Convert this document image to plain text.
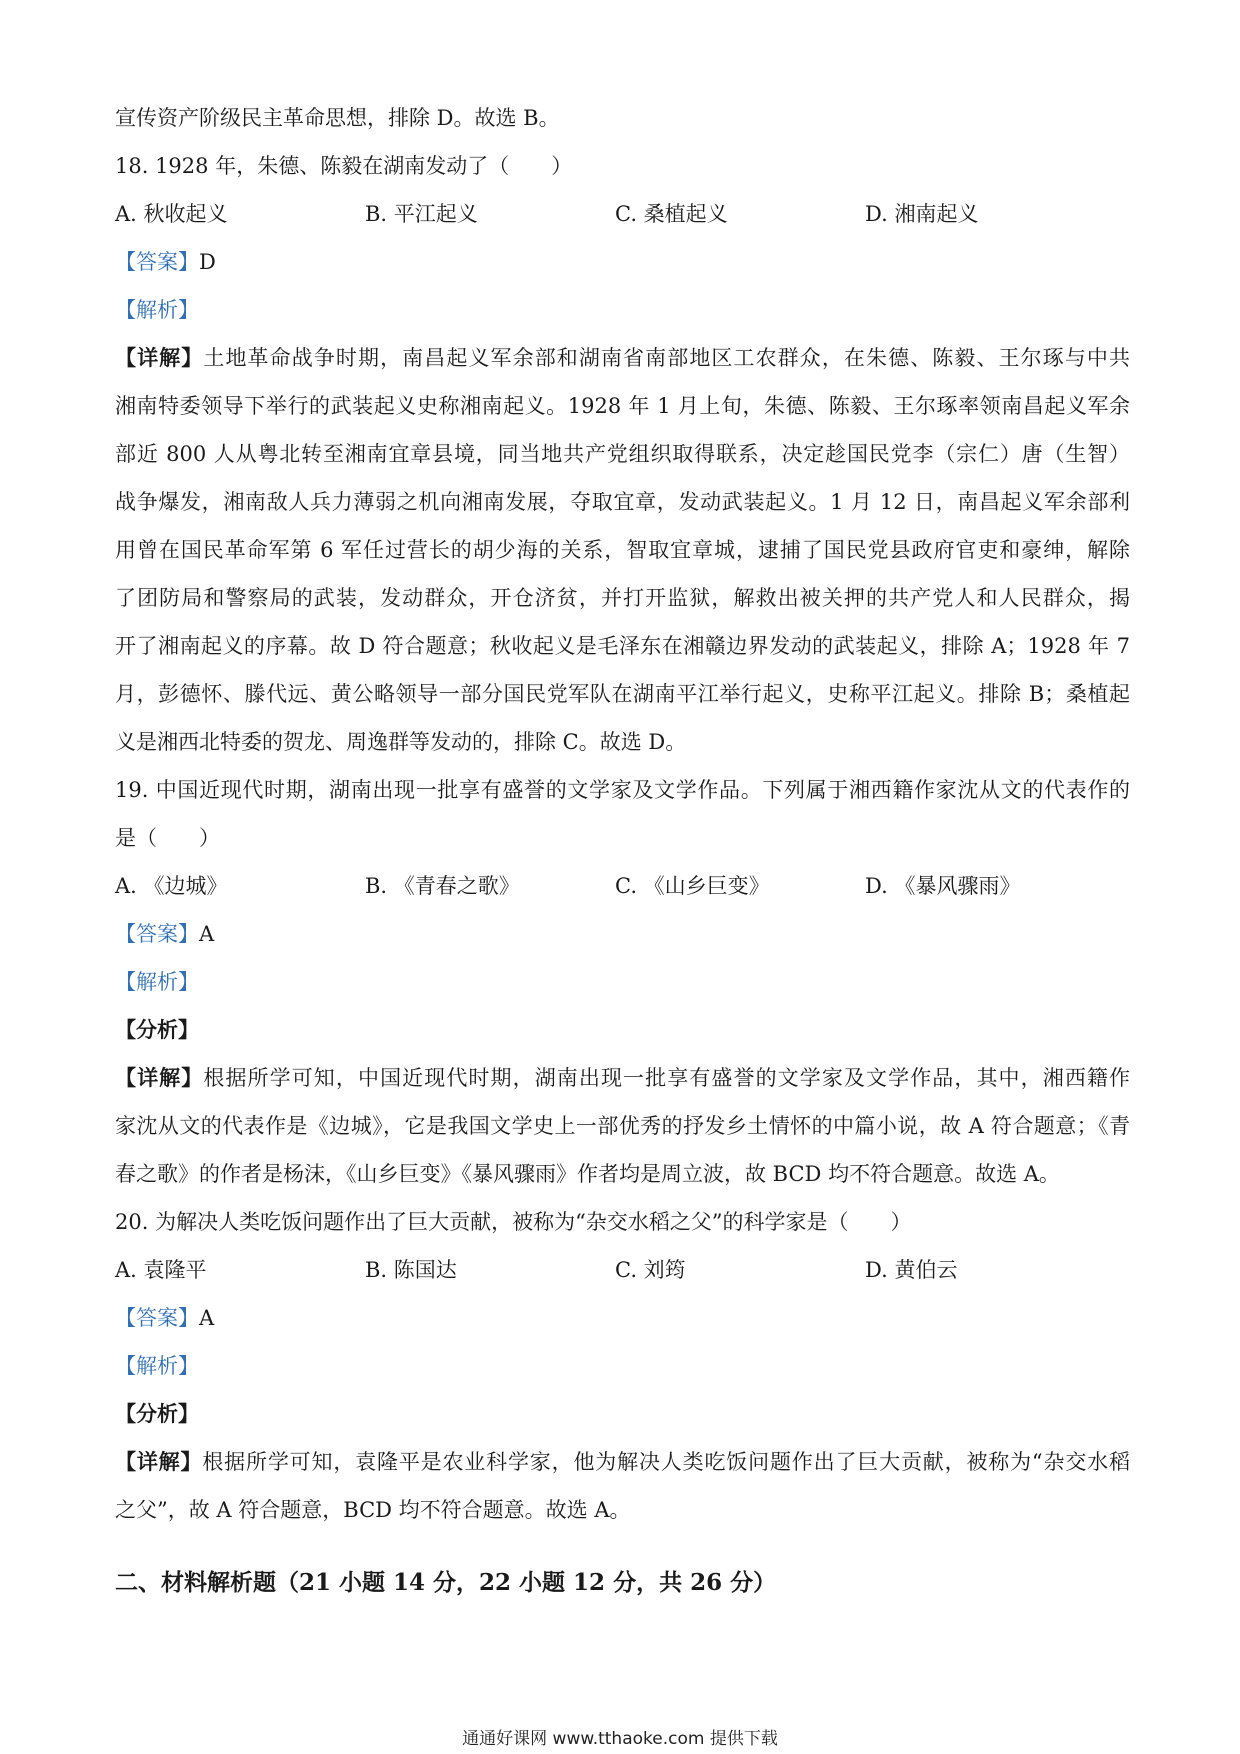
宣传资产阶级民主革命思想，排除 D。故选 B。
18. 1928 年，朱德、陈毅在湖南发动了（　　）
A. 秋收起义	B. 平江起义	C. 桑植起义	D. 湘南起义
【答案】D
【解析】
【详解】土地革命战争时期，南昌起义军余部和湖南省南部地区工农群众，在朱德、陈毅、王尔琢与中共
湘南特委领导下举行的武装起义史称湘南起义。1928 年 1 月上旬，朱德、陈毅、王尔琢率领南昌起义军余
部近 800 人从粤北转至湘南宜章县境，同当地共产党组织取得联系，决定趁国民党李（宗仁）唐（生智）
战争爆发，湘南敌人兵力薄弱之机向湘南发展，夺取宜章，发动武装起义。1 月 12 日，南昌起义军余部利
用曾在国民革命军第 6 军任过营长的胡少海的关系，智取宜章城，逮捕了国民党县政府官吏和豪绅，解除
了团防局和警察局的武装，发动群众，开仓济贫，并打开监狱，解救出被关押的共产党人和人民群众，揭
开了湘南起义的序幕。故 D 符合题意；秋收起义是毛泽东在湘赣边界发动的武装起义，排除 A；1928 年 7
月，彭德怀、滕代远、黄公略领导一部分国民党军队在湖南平江举行起义，史称平江起义。排除 B；桑植起
义是湘西北特委的贺龙、周逸群等发动的，排除 C。故选 D。
19. 中国近现代时期，湖南出现一批享有盛誉的文学家及文学作品。下列属于湘西籍作家沈从文的代表作的
是（　　）
A. 《边城》	B. 《青春之歌》	C. 《山乡巨变》	D. 《暴风骤雨》
【答案】A
【解析】
【分析】
【详解】根据所学可知，中国近现代时期，湖南出现一批享有盛誉的文学家及文学作品，其中，湘西籍作
家沈从文的代表作是《边城》，它是我国文学史上一部优秀的抒发乡土情怀的中篇小说，故 A 符合题意；《青
春之歌》的作者是杨沫，《山乡巨变》《暴风骤雨》作者均是周立波，故 BCD 均不符合题意。故选 A。
20. 为解决人类吃饭问题作出了巨大贡献，被称为“杂交水稻之父”的科学家是（　　）
A. 袁隆平	B. 陈国达	C. 刘筠	D. 黄伯云
【答案】A
【解析】
【分析】
【详解】根据所学可知，袁隆平是农业科学家，他为解决人类吃饭问题作出了巨大贡献，被称为“杂交水稻
之父”，故 A 符合题意，BCD 均不符合题意。故选 A。
二、材料解析题（21 小题 14 分，22 小题 12 分，共 26 分）
通通好课网 www.tthaoke.com 提供下载
